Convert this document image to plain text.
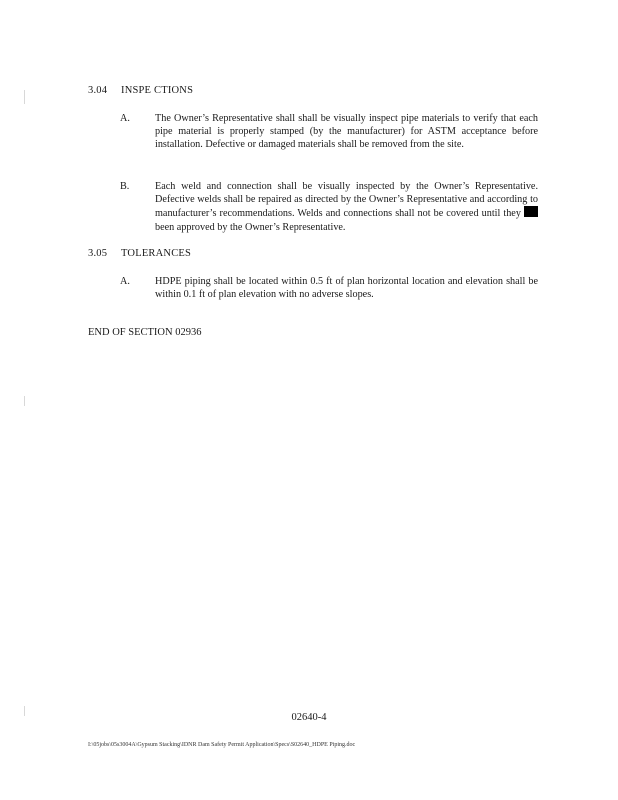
3.04 INSPE CTIONS
A. The Owner’s Representative shall shall be visually inspect pipe materials to verify that each pipe material is properly stamped (by the manufacturer) for ASTM acceptance before installation. Defective or damaged materials shall be removed from the site.
B.	Each weld and connection shall be visually inspected by the Owner’s Representative. Defective welds shall be repaired as directed by the Owner’s Representative and according to manufacturer’s recommendations. Welds and connections shall not be covered until they  been approved by the Owner’s Representative.
3.05 TOLERANCES
A. HDPE piping shall be located within 0.5 ft of plan horizontal location and elevation shall be within 0.1 ft of plan elevation with no adverse slopes.
END OF SECTION 02936
02640-4
I:\05jobs\05s3004A\Gypsum Stacking\IDNR Dam Safety Permit Application\Specs\S02640_HDPE Piping.doc
